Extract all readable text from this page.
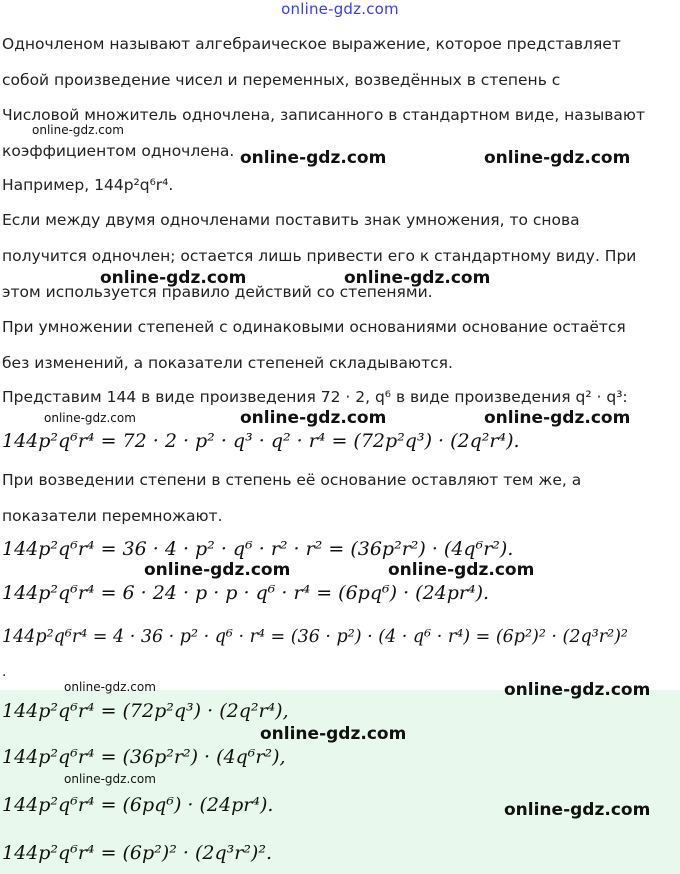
online-gdz.com
Одночленом называют алгебраическое выражение, которое представляет
собой произведение чисел и переменных, возведённых в степень с
Числовой множитель одночлена, записанного в стандартном виде, называют
коэффициентом одночлена.
Например, 144p²q⁶r⁴.
Если между двумя одночленами поставить знак умножения, то снова
получится одночлен; остается лишь привести его к стандартному виду. При
этом используется правило действий со степенями.
При умножении степеней с одинаковыми основаниями основание остаётся
без изменений, а показатели степеней складываются.
Представим 144 в виде произведения 72 · 2, q⁶ в виде произведения q² · q³:
144p²q⁶r⁴ = 72 · 2 · p² · q³ · q² · r⁴ = (72p²q³) · (2q²r⁴).
При возведении степени в степень её основание оставляют тем же, а
показатели перемножают.
144p²q⁶r⁴ = 36 · 4 · p² · q⁶ · r² · r² = (36p²r²) · (4q⁶r²).
144p²q⁶r⁴ = 6 · 24 · p · p · q⁶ · r⁴ = (6pq⁶) · (24pr⁴).
144p²q⁶r⁴ = 4 · 36 · p² · q⁶ · r⁴ = (36 · p²) · (4 · q⁶ · r⁴) = (6p²)² · (2q³r²)²
.
144p²q⁶r⁴ = (72p²q³) · (2q²r⁴),
144p²q⁶r⁴ = (36p²r²) · (4q⁶r²),
144p²q⁶r⁴ = (6pq⁶) · (24pr⁴).
144p²q⁶r⁴ = (6p²)² · (2q³r²)².
online-gdz.com
online-gdz.com	online-gdz.com
online-gdz.com	online-gdz.com
online-gdz.com	online-gdz.com	online-gdz.com
online-gdz.com	online-gdz.com
online-gdz.com	online-gdz.com
online-gdz.com
online-gdz.com
online-gdz.com
